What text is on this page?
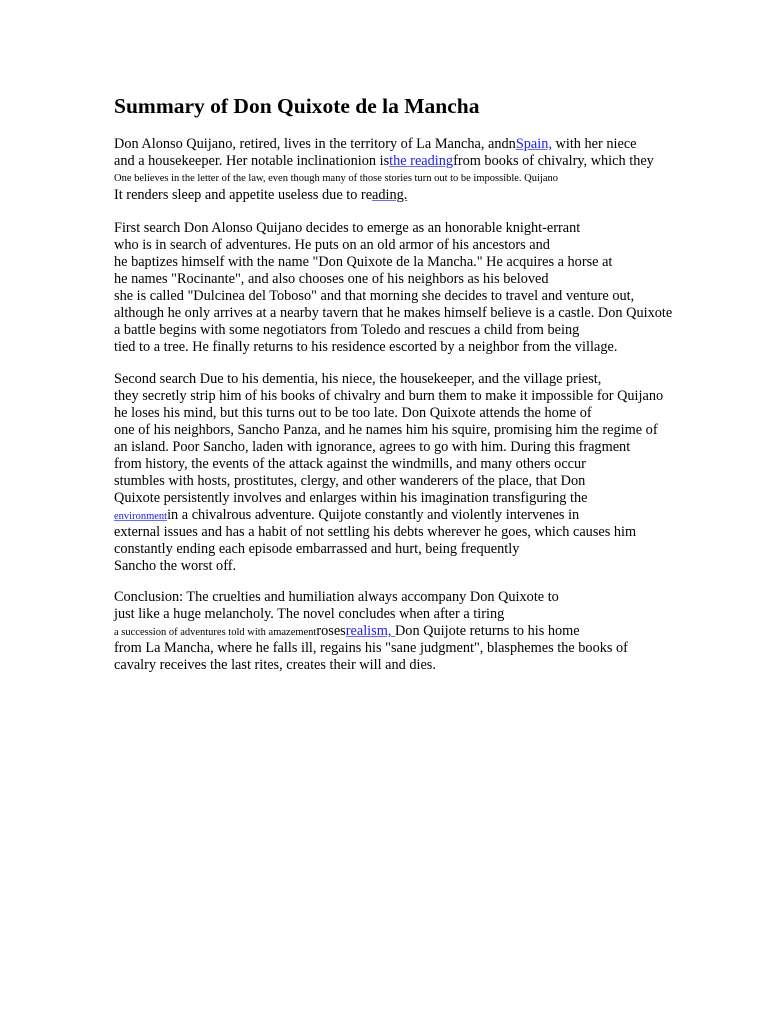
Summary of Don Quixote de la Mancha
Don Alonso Quijano, retired, lives in the territory of La Mancha, andnSpain, with her niece
and a housekeeper. Her notable inclinationion isthe readingfrom books of chivalry, which they
One believes in the letter of the law, even though many of those stories turn out to be impossible. Quijano
It renders sleep and appetite useless due to reading.
First search Don Alonso Quijano decides to emerge as an honorable knight-errant
who is in search of adventures. He puts on an old armor of his ancestors and
he baptizes himself with the name "Don Quixote de la Mancha." He acquires a horse at
he names "Rocinante", and also chooses one of his neighbors as his beloved
she is called "Dulcinea del Toboso" and that morning she decides to travel and venture out,
although he only arrives at a nearby tavern that he makes himself believe is a castle. Don Quixote
a battle begins with some negotiators from Toledo and rescues a child from being
tied to a tree. He finally returns to his residence escorted by a neighbor from the village.
Second search Due to his dementia, his niece, the housekeeper, and the village priest,
they secretly strip him of his books of chivalry and burn them to make it impossible for Quijano
he loses his mind, but this turns out to be too late. Don Quixote attends the home of
one of his neighbors, Sancho Panza, and he names him his squire, promising him the regime of
an island. Poor Sancho, laden with ignorance, agrees to go with him. During this fragment
from history, the events of the attack against the windmills, and many others occur
stumbles with hosts, prostitutes, clergy, and other wanderers of the place, that Don
Quixote persistently involves and enlarges within his imagination transfiguring the
environmentin a chivalrous adventure. Quijote constantly and violently intervenes in
external issues and has a habit of not settling his debts wherever he goes, which causes him
constantly ending each episode embarrassed and hurt, being frequently
Sancho the worst off.
Conclusion: The cruelties and humiliation always accompany Don Quixote to
just like a huge melancholy. The novel concludes when after a tiring
a succession of adventures told with amazementrosesrealism, Don Quijote returns to his home
from La Mancha, where he falls ill, regains his "sane judgment", blasphemes the books of
cavalry receives the last rites, creates their will and dies.
